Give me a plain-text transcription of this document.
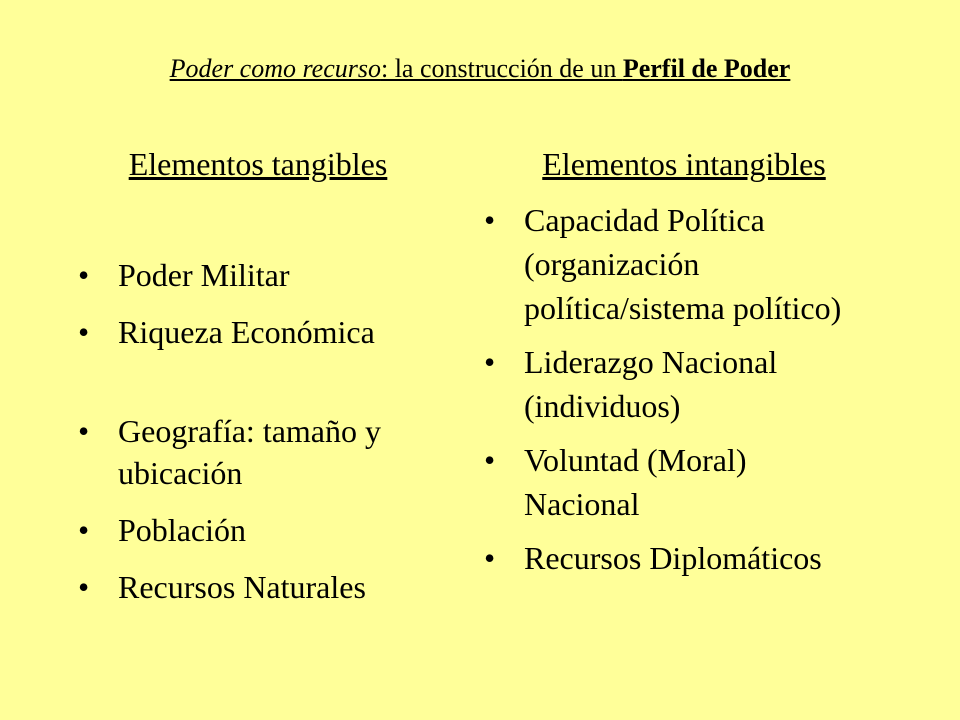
Poder como recurso: la construcción de un Perfil de Poder
Elementos tangibles	Elementos intangibles
• Poder Militar
• Riqueza Económica
• Geografía: tamaño y ubicación
• Población
• Recursos Naturales
• Capacidad Política (organización política/sistema político)
• Liderazgo Nacional (individuos)
• Voluntad (Moral) Nacional
• Recursos Diplomáticos
